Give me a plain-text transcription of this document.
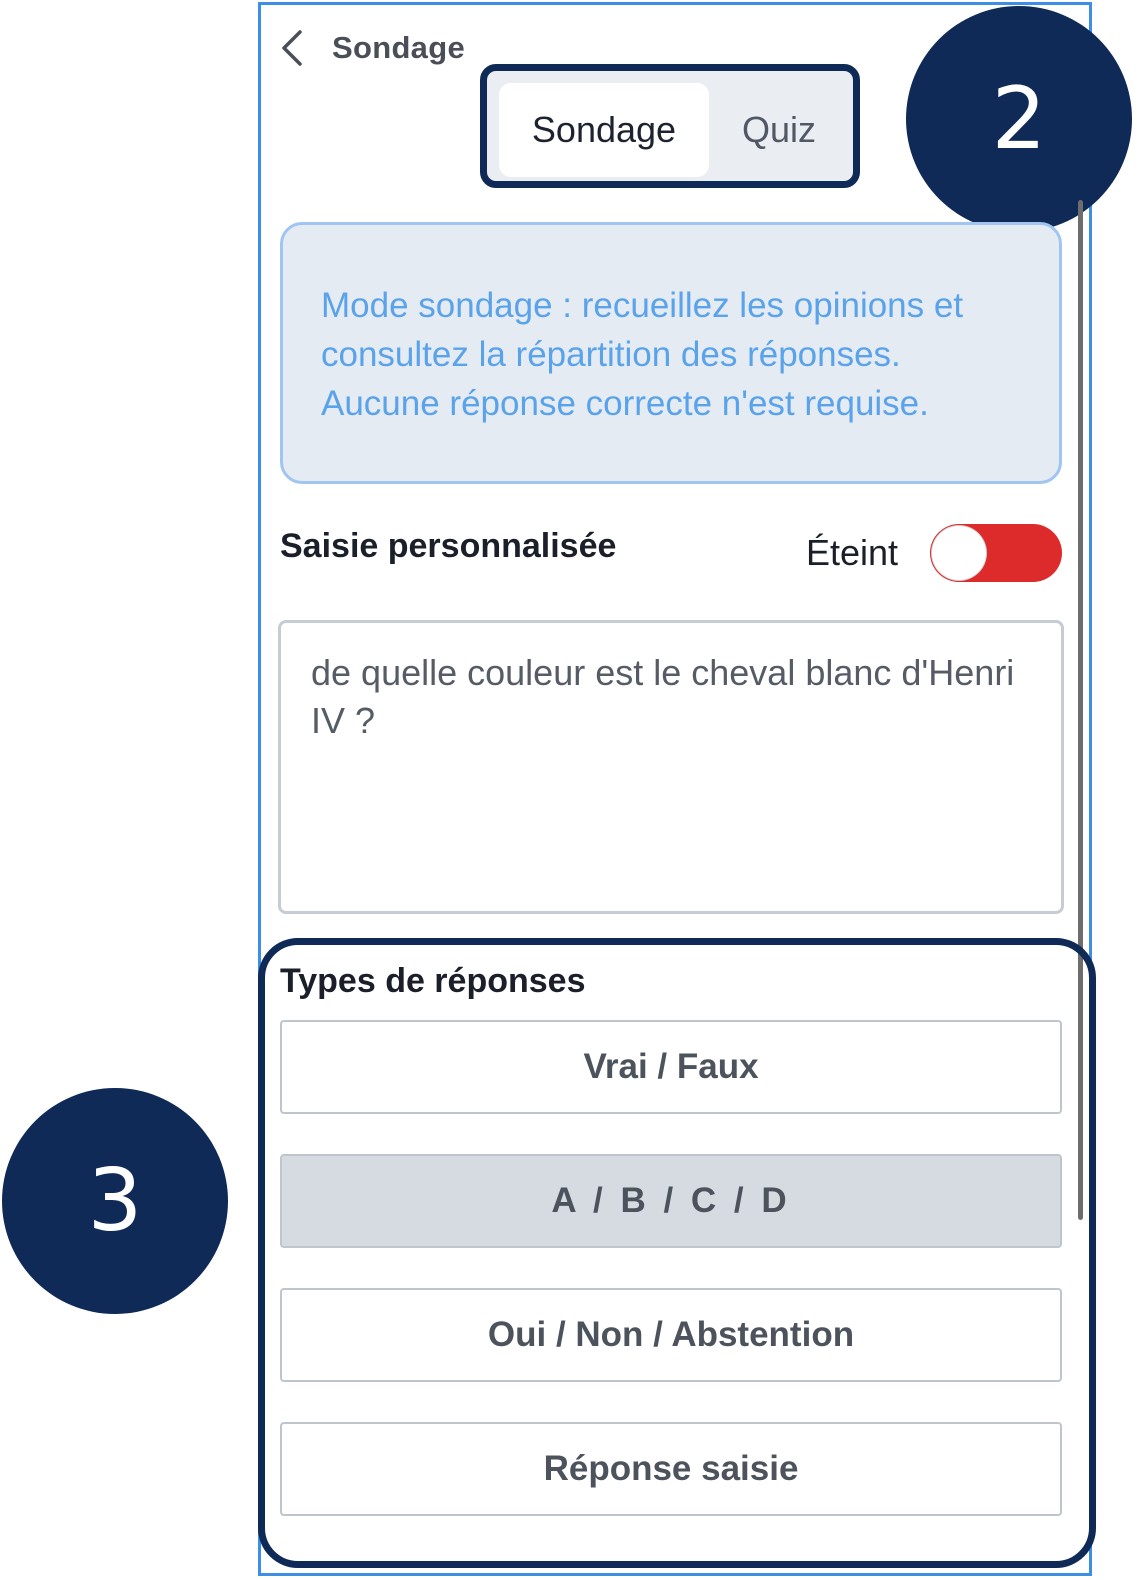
Sondage
Sondage	Quiz	2
Mode sondage : recueillez les opinions et
consultez la répartition des réponses.
Aucune réponse correcte n'est requise.
Saisie personnalisée	Éteint
de quelle couleur est le cheval blanc d'Henri IV ?
Types de réponses
Vrai / Faux
A / B / C / D
Oui / Non / Abstention
Réponse saisie
3
